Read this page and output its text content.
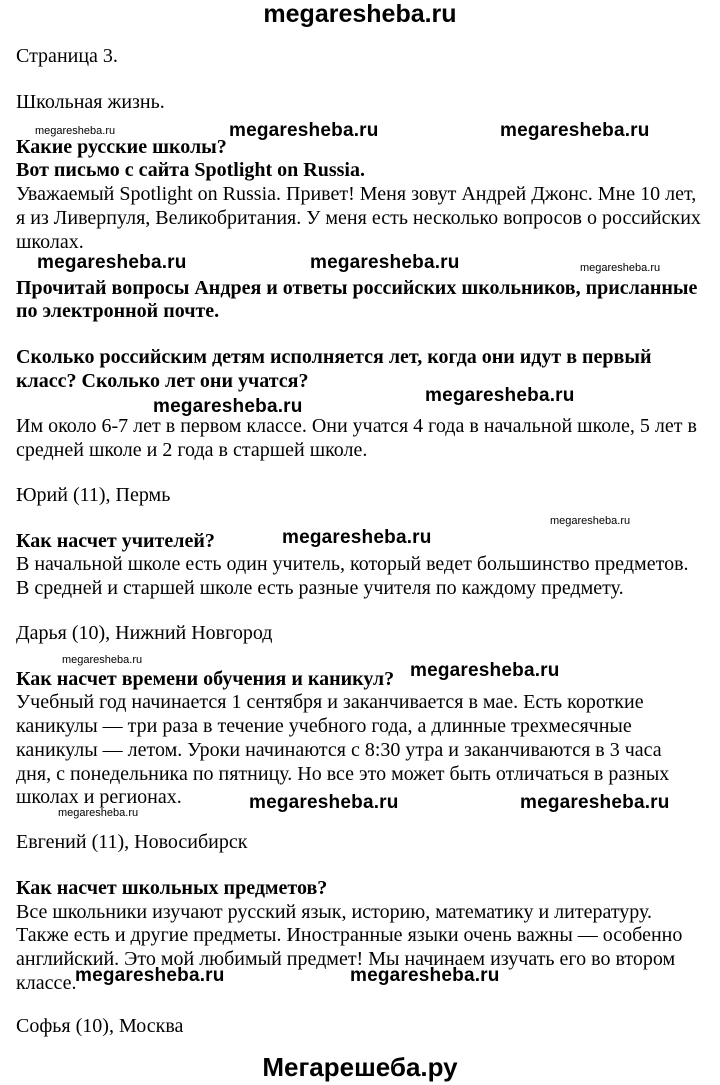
megaresheba.ru
Страница 3.
Школьная жизнь.
Какие русские школы?
Вот письмо с сайта Spotlight on Russia.
Уважаемый Spotlight on Russia. Привет! Меня зовут Андрей Джонс. Мне 10 лет,
я из Ливерпуля, Великобритания. У меня есть несколько вопросов о российских
школах.
Прочитай вопросы Андрея и ответы российских школьников, присланные
по электронной почте.
Сколько российским детям исполняется лет, когда они идут в первый
класс? Сколько лет они учатся?
Им около 6-7 лет в первом классе. Они учатся 4 года в начальной школе, 5 лет в
средней школе и 2 года в старшей школе.
Юрий (11), Пермь
Как насчет учителей?
В начальной школе есть один учитель, который ведет большинство предметов.
В средней и старшей школе есть разные учителя по каждому предмету.
Дарья (10), Нижний Новгород
Как насчет времени обучения и каникул?
Учебный год начинается 1 сентября и заканчивается в мае. Есть короткие
каникулы — три раза в течение учебного года, а длинные трехмесячные
каникулы — летом. Уроки начинаются с 8:30 утра и заканчиваются в 3 часа
дня, с понедельника по пятницу. Но все это может быть отличаться в разных
школах и регионах.
Евгений (11), Новосибирск
Как насчет школьных предметов?
Все школьники изучают русский язык, историю, математику и литературу.
Также есть и другие предметы. Иностранные языки очень важны — особенно
английский. Это мой любимый предмет! Мы начинаем изучать его во втором
классе.
Софья (10), Москва
megaresheba.ru	megaresheba.ru	megaresheba.ru
megaresheba.ru	megaresheba.ru	megaresheba.ru
megaresheba.ru
megaresheba.ru
megaresheba.ru
megaresheba.ru
megaresheba.ru	megaresheba.ru
megaresheba.ru	megaresheba.ru
megaresheba.ru
megaresheba.ru	megaresheba.ru
Мегарешеба.ру
